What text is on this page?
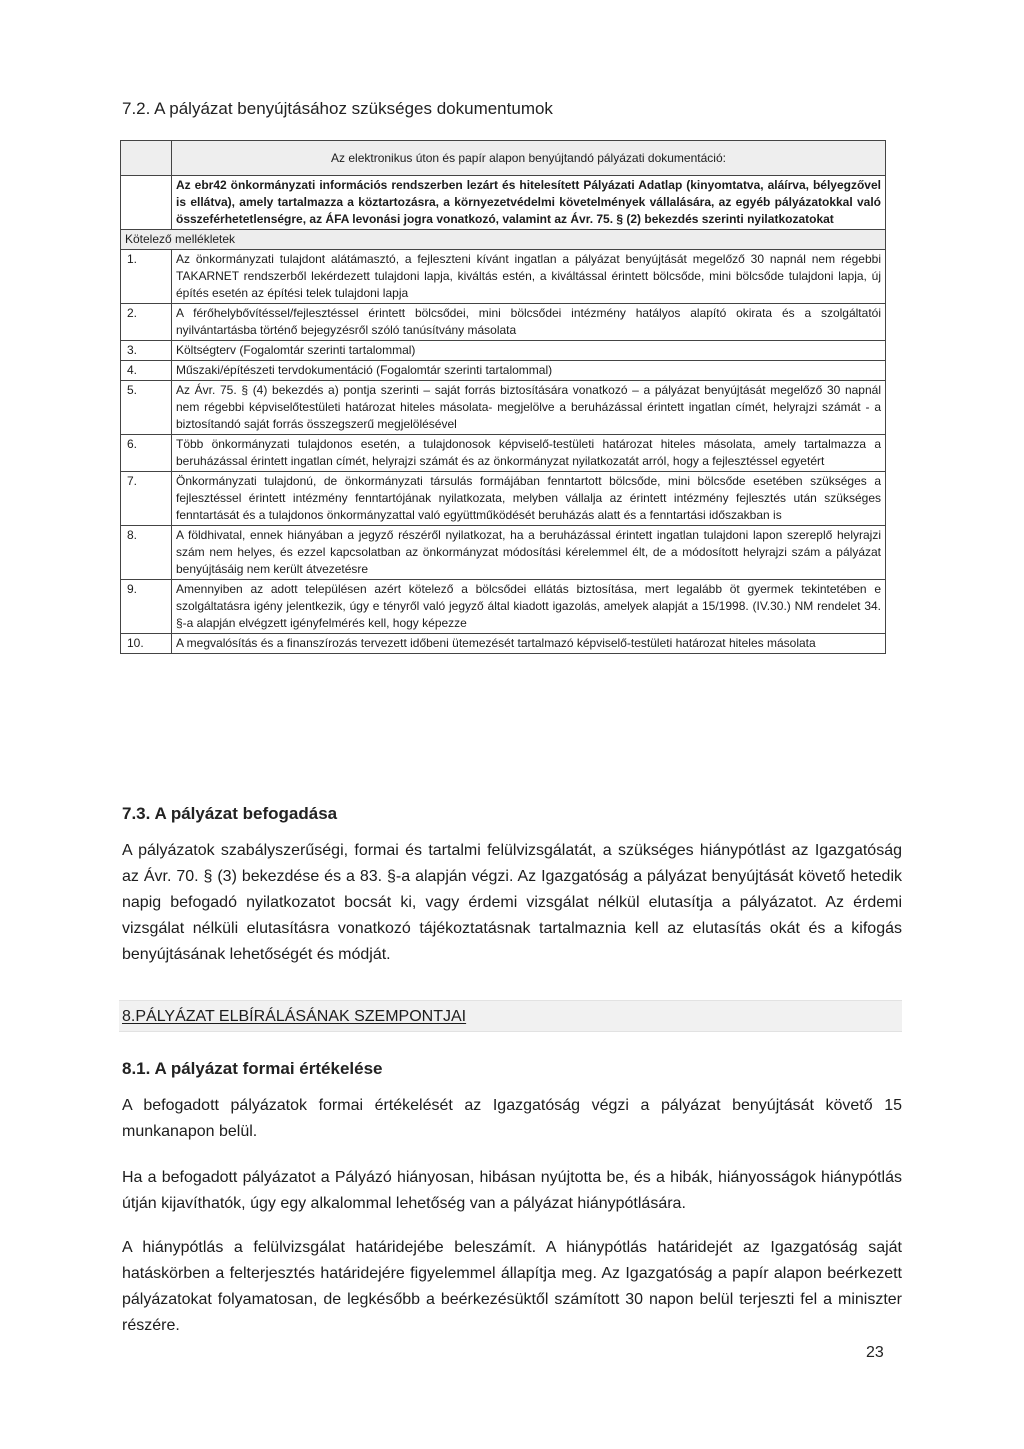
7.2. A pályázat benyújtásához szükséges dokumentumok
	Az elektronikus úton és papír alapon benyújtandó pályázati dokumentáció:
	Az ebr42 önkormányzati információs rendszerben lezárt és hitelesített Pályázati Adatlap (kinyomtatva, aláírva, bélyegzővel is ellátva), amely tartalmazza a köztartozásra, a környezetvédelmi követelmények vállalására, az egyéb pályázatokkal való összeférhetetlenségre, az ÁFA levonási jogra vonatkozó, valamint az Ávr. 75. § (2) bekezdés szerinti nyilatkozatokat
Kötelező mellékletek	
1.	Az önkormányzati tulajdont alátámasztó, a fejleszteni kívánt ingatlan a pályázat benyújtását megelőző 30 napnál nem régebbi TAKARNET rendszerből lekérdezett tulajdoni lapja, kiváltás estén, a kiváltással érintett bölcsőde, mini bölcsőde tulajdoni lapja, új építés esetén az építési telek tulajdoni lapja
2.	A férőhelybővítéssel/fejlesztéssel érintett bölcsődei, mini bölcsődei intézmény hatályos alapító okirata és a szolgáltatói nyilvántartásba történő bejegyzésről szóló tanúsítvány másolata
3.	Költségterv (Fogalomtár szerinti tartalommal)
4.	Műszaki/építészeti tervdokumentáció (Fogalomtár szerinti tartalommal)
5.	Az Ávr. 75. § (4) bekezdés a) pontja szerinti – saját forrás biztosítására vonatkozó – a pályázat benyújtását megelőző 30 napnál nem régebbi képviselőtestületi határozat hiteles másolata- megjelölve a beruházással érintett ingatlan címét, helyrajzi számát - a biztosítandó saját forrás összegszerű megjelölésével
6.	Több önkormányzati tulajdonos esetén, a tulajdonosok képviselő-testületi határozat hiteles másolata, amely tartalmazza a beruházással érintett ingatlan címét, helyrajzi számát és az önkormányzat nyilatkozatát arról, hogy a fejlesztéssel egyetért
7.	Önkormányzati tulajdonú, de önkormányzati társulás formájában fenntartott bölcsőde, mini bölcsőde esetében szükséges a fejlesztéssel érintett intézmény fenntartójának nyilatkozata, melyben vállalja az érintett intézmény fejlesztés után szükséges fenntartását és a tulajdonos önkormányzattal való együttműködését beruházás alatt és a fenntartási időszakban is
8.	A földhivatal, ennek hiányában a jegyző részéről nyilatkozat, ha a beruházással érintett ingatlan tulajdoni lapon szereplő helyrajzi szám nem helyes, és ezzel kapcsolatban az önkormányzat módosítási kérelemmel élt, de a módosított helyrajzi szám a pályázat benyújtásáig nem került átvezetésre
9.	Amennyiben az adott településen azért kötelező a bölcsődei ellátás biztosítása, mert legalább öt gyermek tekintetében e szolgáltatásra igény jelentkezik, úgy e tényről való jegyző által kiadott igazolás, amelyek alapját a 15/1998. (IV.30.) NM rendelet 34. §-a alapján elvégzett igényfelmérés kell, hogy képezze
10.	A megvalósítás és a finanszírozás tervezett időbeni ütemezését tartalmazó képviselő-testületi határozat hiteles másolata
7.3. A pályázat befogadása

A pályázatok szabályszerűségi, formai és tartalmi felülvizsgálatát, a szükséges hiánypótlást az Igazgatóság az Ávr. 70. § (3) bekezdése és a 83. §-a alapján végzi. Az Igazgatóság a pályázat benyújtását követő hetedik napig befogadó nyilatkozatot bocsát ki, vagy érdemi vizsgálat nélkül elutasítja a pályázatot. Az érdemi vizsgálat nélküli elutasításra vonatkozó tájékoztatásnak tartalmaznia kell az elutasítás okát és a kifogás benyújtásának lehetőségét és módját.

8.PÁLYÁZAT ELBÍRÁLÁSÁNAK SZEMPONTJAI
8.1. A pályázat formai értékelése

A befogadott pályázatok formai értékelését az Igazgatóság végzi a pályázat benyújtását követő 15 munkanapon belül.

Ha a befogadott pályázatot a Pályázó hiányosan, hibásan nyújtotta be, és a hibák, hiányosságok hiánypótlás útján kijavíthatók, úgy egy alkalommal lehetőség van a pályázat hiánypótlására.

A hiánypótlás a felülvizsgálat határidejébe beleszámít. A hiánypótlás határidejét az Igazgatóság saját hatáskörben a felterjesztés határidejére figyelemmel állapítja meg. Az Igazgatóság a papír alapon beérkezett pályázatokat folyamatosan, de legkésőbb a beérkezésüktől számított 30 napon belül terjeszti fel a miniszter részére.

23
